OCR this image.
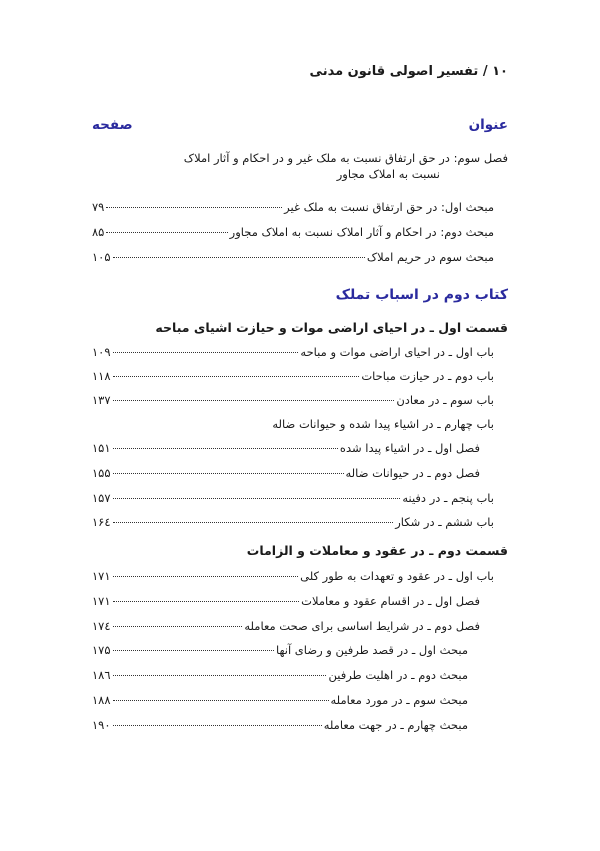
۱۰ / تفسیر اصولی قانون مدنی
عنوان
صفحه
فصل سوم: در حق ارتفاق نسبت به ملک غیر و در احکام و آثار املاک
نسبت به املاک مجاور
مبحث اول: در حق ارتفاق نسبت به ملک غیر
۷۹
مبحث دوم: در احکام و آثار املاک نسبت به املاک مجاور
۸۵
مبحث سوم در حریم املاک
۱۰۵
کتاب دوم در اسباب تملک
قسمت اول ـ در احیای اراضی موات و حیازت اشیای مباحه
باب اول ـ در احیای اراضی موات و مباحه
۱۰۹
باب دوم ـ در حیازت مباحات
۱۱۸
باب سوم ـ در معادن
۱۳۷
باب چهارم ـ در اشیاء پیدا شده و حیوانات ضاله
فصل اول ـ در اشیاء پیدا شده
۱۵۱
فصل دوم ـ در حیوانات ضاله
۱۵۵
باب پنجم ـ در دفینه
۱۵۷
باب ششم ـ در شکار
۱۶٤
قسمت دوم ـ در عقود و معاملات و الزامات
باب اول ـ در عقود و تعهدات به طور کلی
۱۷۱
فصل اول ـ در اقسام عقود و معاملات
۱۷۱
فصل دوم ـ در شرایط اساسی برای صحت معامله
۱۷٤
مبحث اول ـ در قصد طرفین و رضای آنها
۱۷۵
مبحث دوم ـ در اهلیت طرفین
۱۸٦
مبحث سوم ـ در مورد معامله
۱۸۸
مبحث چهارم ـ در جهت معامله
۱۹۰
